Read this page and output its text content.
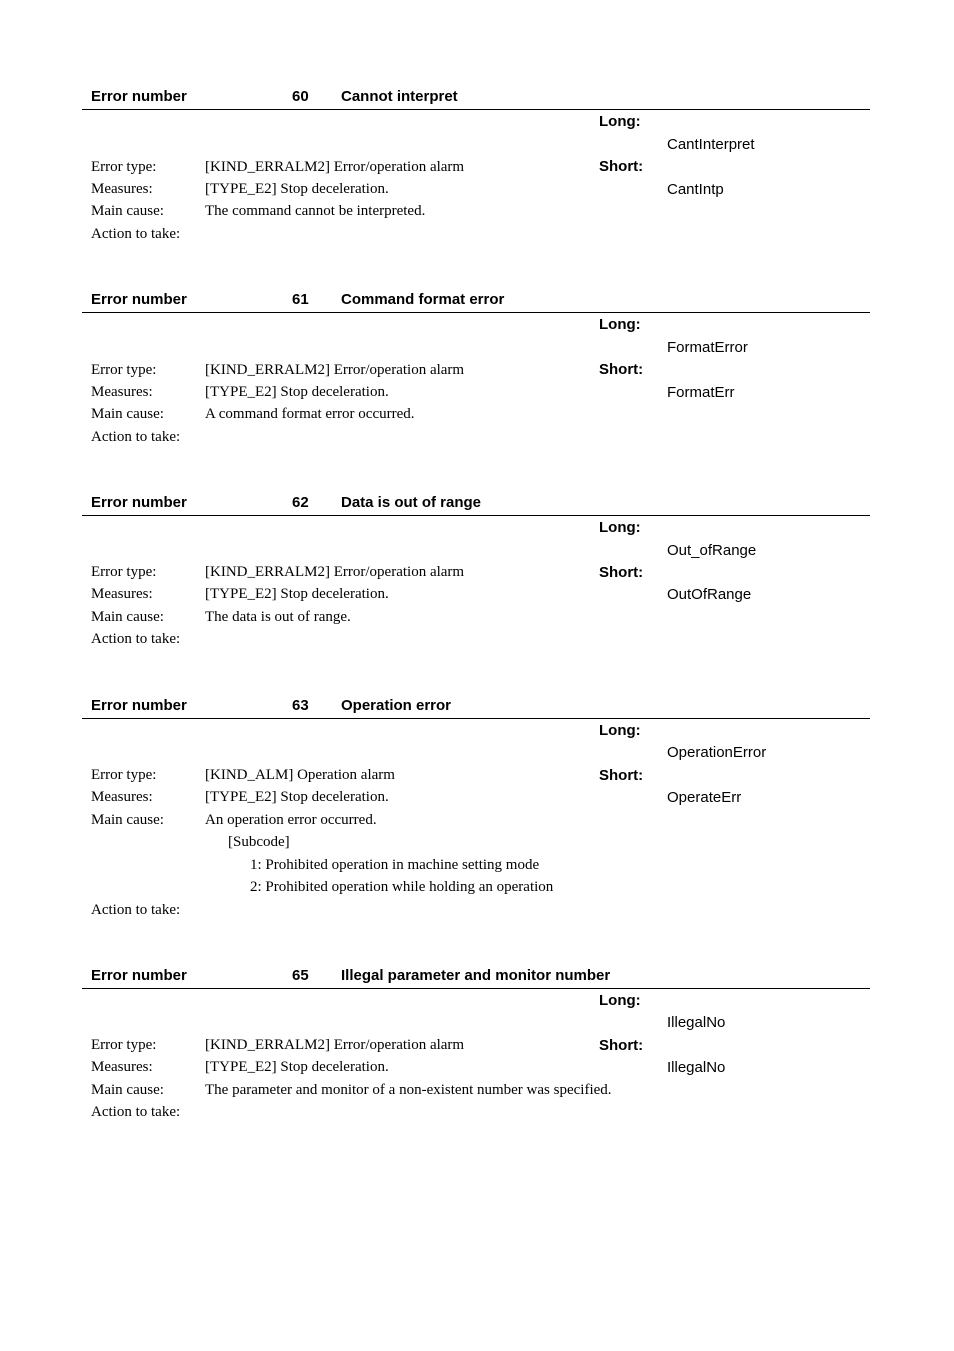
Error number	60 Cannot interpret
Long:
CantInterpret
Short:
CantIntp
Error type:	[KIND_ERRALM2] Error/operation alarm
Measures:	[TYPE_E2] Stop deceleration.
Main cause:	The command cannot be interpreted.
Action to take:
Error number	61 Command format error
Long:
FormatError
Short:
FormatErr
Error type:	[KIND_ERRALM2] Error/operation alarm
Measures:	[TYPE_E2] Stop deceleration.
Main cause:	A command format error occurred.
Action to take:
Error number	62 Data is out of range
Long:
Out_ofRange
Short:
OutOfRange
Error type:	[KIND_ERRALM2] Error/operation alarm
Measures:	[TYPE_E2] Stop deceleration.
Main cause:	The data is out of range.
Action to take:
Error number	63 Operation error
Long:
OperationError
Short:
OperateErr
Error type:	[KIND_ALM] Operation alarm
Measures:	[TYPE_E2] Stop deceleration.
Main cause:	An operation error occurred.
[Subcode]
1: Prohibited operation in machine setting mode
2: Prohibited operation while holding an operation
Action to take:
Error number	65 Illegal parameter and monitor number
Long:
IllegalNo
Short:
IllegalNo
Error type:	[KIND_ERRALM2] Error/operation alarm
Measures:	[TYPE_E2] Stop deceleration.
Main cause:	The parameter and monitor of a non-existent number was specified.
Action to take:
